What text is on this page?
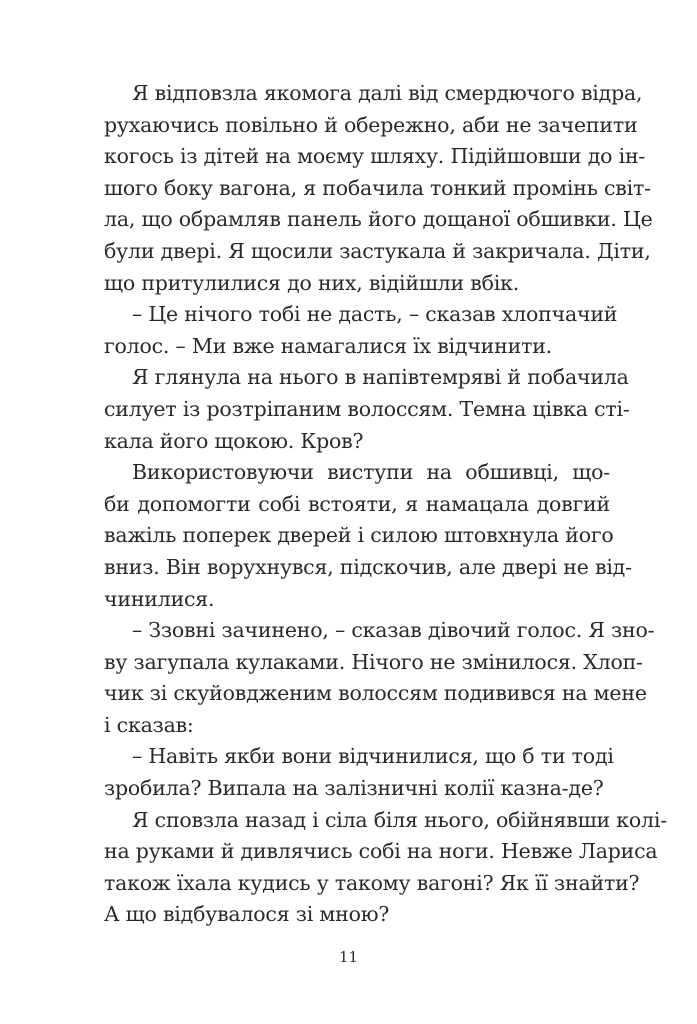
Я відповзла якомога далі від смердючого відра,
рухаючись повільно й обережно, аби не зачепити
когось із дітей на моєму шляху. Підійшовши до ін-
шого боку вагона, я побачила тонкий промінь світ-
ла, що обрамляв панель його дощаної обшивки. Це
були двері. Я щосили застукала й закричала. Діти,
що притулилися до них, відійшли вбік.
– Це нічого тобі не дасть, – сказав хлопчачий
голос. – Ми вже намагалися їх відчинити.
Я глянула на нього в напівтемряві й побачила
силует із розтріпаним волоссям. Темна цівка сті-
кала його щокою. Кров?
Використовуючи виступи на обшивці, що-
би допомогти собі встояти, я намацала довгий
важіль поперек дверей і силою штовхнула його
вниз. Він ворухнувся, підскочив, але двері не від-
чинилися.
– Ззовні зачинено, – сказав дівочий голос. Я зно-
ву загупала кулаками. Нічого не змінилося. Хлоп-
чик зі скуйовдженим волоссям подивився на мене
і сказав:
– Навіть якби вони відчинилися, що б ти тоді
зробила? Випала на залізничні колії казна-де?
Я сповзла назад і сіла біля нього, обійнявши колі-
на руками й дивлячись собі на ноги. Невже Лариса
також їхала кудись у такому вагоні? Як її знайти?
А що відбувалося зі мною?
11
